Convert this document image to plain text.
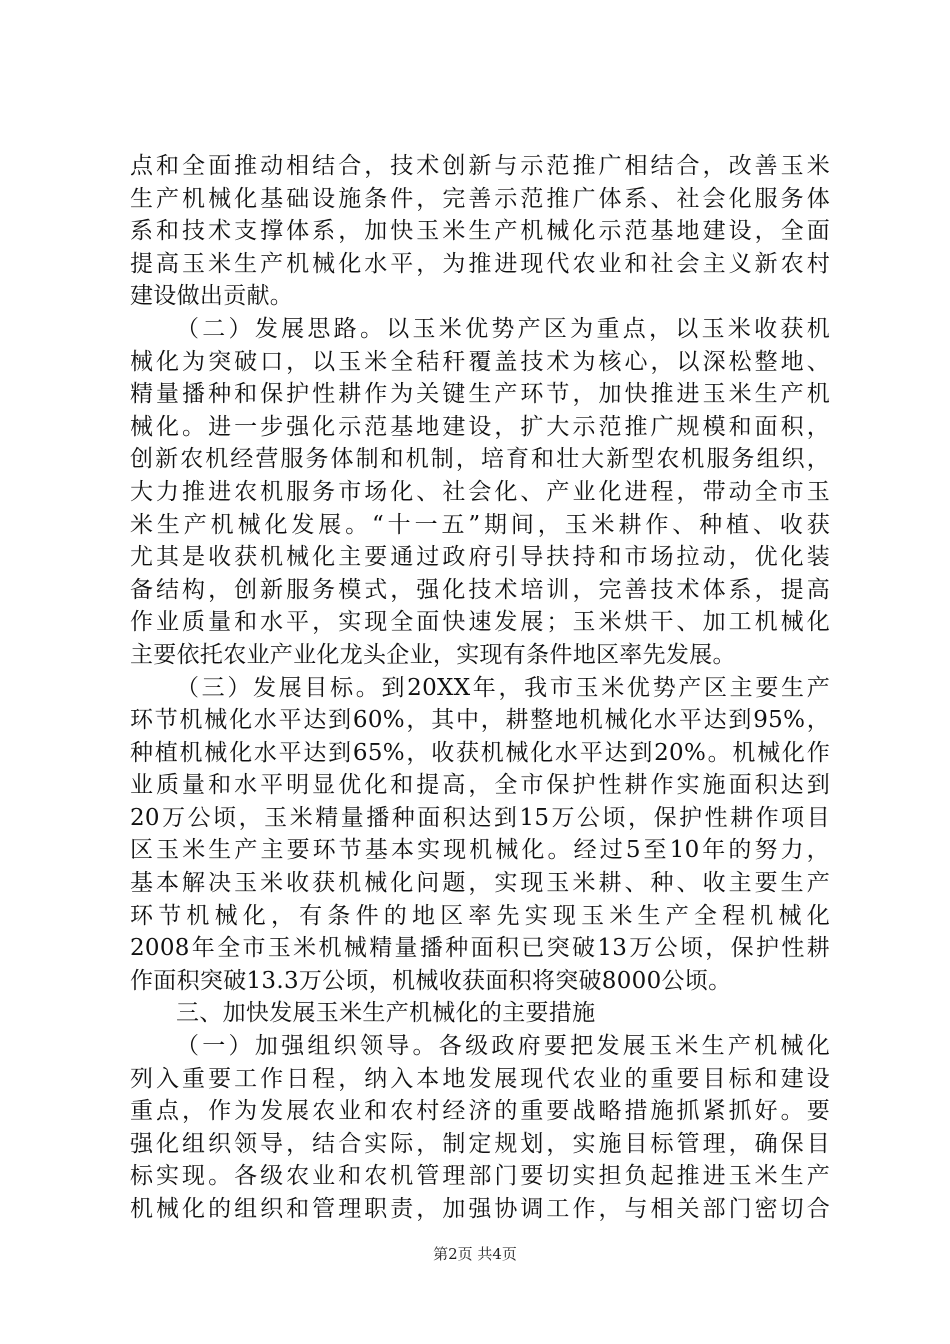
点和全面推动相结合，技术创新与示范推广相结合，改善玉米
生产机械化基础设施条件，完善示范推广体系、社会化服务体
系和技术支撑体系，加快玉米生产机械化示范基地建设，全面
提高玉米生产机械化水平，为推进现代农业和社会主义新农村
建设做出贡献。
（二）发展思路。以玉米优势产区为重点，以玉米收获机
械化为突破口，以玉米全秸秆覆盖技术为核心，以深松整地、
精量播种和保护性耕作为关键生产环节，加快推进玉米生产机
械化。进一步强化示范基地建设，扩大示范推广规模和面积，
创新农机经营服务体制和机制，培育和壮大新型农机服务组织，
大力推进农机服务市场化、社会化、产业化进程，带动全市玉
米生产机械化发展。“十一五”期间，玉米耕作、种植、收获
尤其是收获机械化主要通过政府引导扶持和市场拉动，优化装
备结构，创新服务模式，强化技术培训，完善技术体系，提高
作业质量和水平，实现全面快速发展；玉米烘干、加工机械化
主要依托农业产业化龙头企业，实现有条件地区率先发展。
（三）发展目标。到20XX年，我市玉米优势产区主要生产
环节机械化水平达到60%，其中，耕整地机械化水平达到95%，
种植机械化水平达到65%，收获机械化水平达到20%。机械化作
业质量和水平明显优化和提高，全市保护性耕作实施面积达到
20万公顷，玉米精量播种面积达到15万公顷，保护性耕作项目
区玉米生产主要环节基本实现机械化。经过5至10年的努力，
基本解决玉米收获机械化问题，实现玉米耕、种、收主要生产
环节机械化，有条件的地区率先实现玉米生产全程机械化
2008年全市玉米机械精量播种面积已突破13万公顷，保护性耕
作面积突破13.3万公顷，机械收获面积将突破8000公顷。
三、加快发展玉米生产机械化的主要措施
（一）加强组织领导。各级政府要把发展玉米生产机械化
列入重要工作日程，纳入本地发展现代农业的重要目标和建设
重点，作为发展农业和农村经济的重要战略措施抓紧抓好。要
强化组织领导，结合实际，制定规划，实施目标管理，确保目
标实现。各级农业和农机管理部门要切实担负起推进玉米生产
机械化的组织和管理职责，加强协调工作，与相关部门密切合
第2页 共4页
